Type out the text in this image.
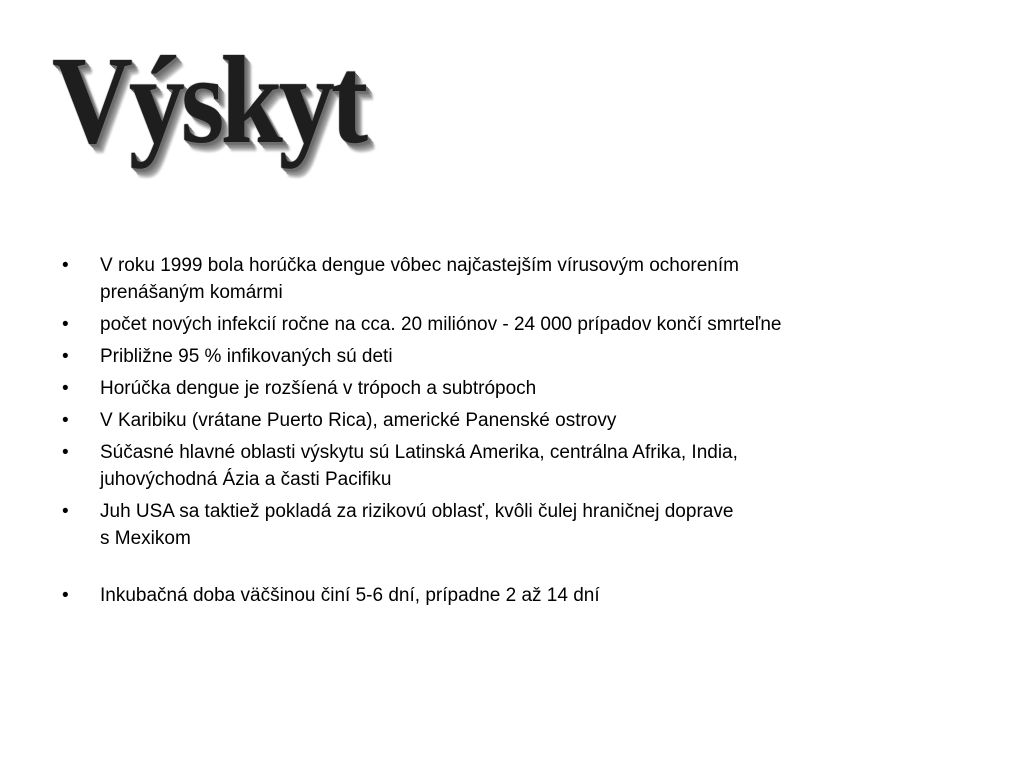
Výskyt
• V roku 1999 bola horúčka dengue vôbec najčastejším vírusovým ochorením
prenášaným komármi
• počet nových infekcií ročne na cca. 20 miliónov - 24 000 prípadov končí smrteľne
• Približne 95 % infikovaných sú deti
• Horúčka dengue je rozšíená v trópoch a subtrópoch
• V Karibiku (vrátane Puerto Rica), americké Panenské ostrovy
• Súčasné hlavné oblasti výskytu sú Latinská Amerika, centrálna Afrika, India,
juhovýchodná Ázia a časti Pacifiku
• Juh USA sa taktiež pokladá za rizikovú oblasť, kvôli čulej hraničnej doprave
s Mexikom
• Inkubačná doba väčšinou činí 5-6 dní, prípadne 2 až 14 dní
